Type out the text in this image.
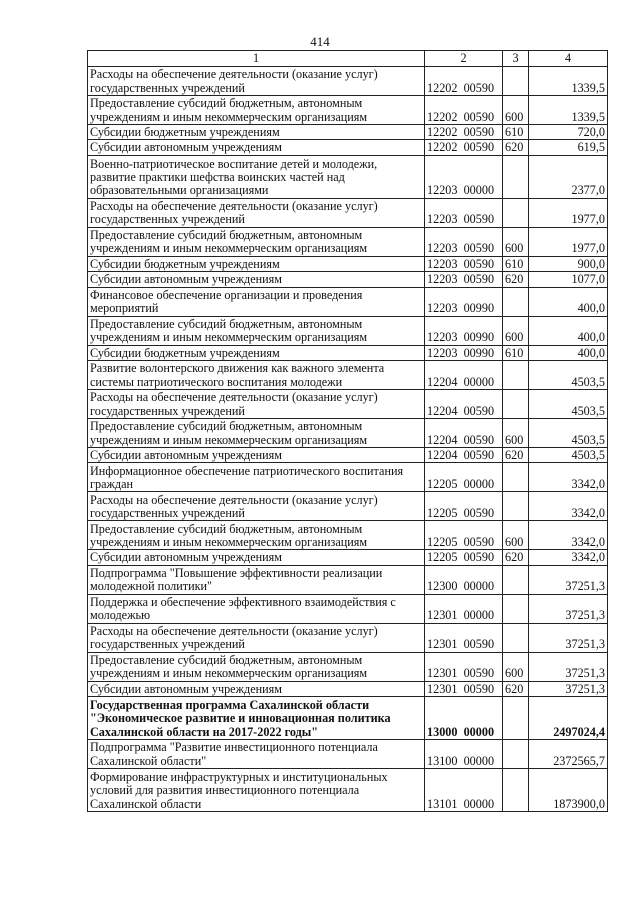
414
1	2	3	4
Расходы на обеспечение деятельности (оказание услуг) государственных учреждений	12202  00590		1339,5
Предоставление субсидий бюджетным, автономным учреждениям и иным некоммерческим организациям	12202  00590	600	1339,5
Субсидии бюджетным учреждениям	12202  00590	610	720,0
Субсидии автономным учреждениям	12202  00590	620	619,5
Военно-патриотическое воспитание детей и молодежи, развитие практики шефства воинских частей над образовательными организациями	12203  00000		2377,0
Расходы на обеспечение деятельности (оказание услуг) государственных учреждений	12203  00590		1977,0
Предоставление субсидий бюджетным, автономным учреждениям и иным некоммерческим организациям	12203  00590	600	1977,0
Субсидии бюджетным учреждениям	12203  00590	610	900,0
Субсидии автономным учреждениям	12203  00590	620	1077,0
Финансовое обеспечение организации и проведения мероприятий	12203  00990		400,0
Предоставление субсидий бюджетным, автономным учреждениям и иным некоммерческим организациям	12203  00990	600	400,0
Субсидии бюджетным учреждениям	12203  00990	610	400,0
Развитие волонтерского движения как важного элемента системы патриотического воспитания молодежи	12204  00000		4503,5
Расходы на обеспечение деятельности (оказание услуг) государственных учреждений	12204  00590		4503,5
Предоставление субсидий бюджетным, автономным учреждениям и иным некоммерческим организациям	12204  00590	600	4503,5
Субсидии автономным учреждениям	12204  00590	620	4503,5
Информационное обеспечение патриотического воспитания граждан	12205  00000		3342,0
Расходы на обеспечение деятельности (оказание услуг) государственных учреждений	12205  00590		3342,0
Предоставление субсидий бюджетным, автономным учреждениям и иным некоммерческим организациям	12205  00590	600	3342,0
Субсидии автономным учреждениям	12205  00590	620	3342,0
Подпрограмма "Повышение эффективности реализации молодежной политики"	12300  00000		37251,3
Поддержка и обеспечение эффективного взаимодействия с молодежью	12301  00000		37251,3
Расходы на обеспечение деятельности (оказание услуг) государственных учреждений	12301  00590		37251,3
Предоставление субсидий бюджетным, автономным учреждениям и иным некоммерческим организациям	12301  00590	600	37251,3
Субсидии автономным учреждениям	12301  00590	620	37251,3
Государственная программа Сахалинской области "Экономическое развитие и инновационная политика Сахалинской области на 2017-2022 годы"	13000  00000		2497024,4
Подпрограмма "Развитие инвестиционного потенциала Сахалинской области"	13100  00000		2372565,7
Формирование инфраструктурных и институциональных условий для развития инвестиционного потенциала Сахалинской области	13101  00000		1873900,0
